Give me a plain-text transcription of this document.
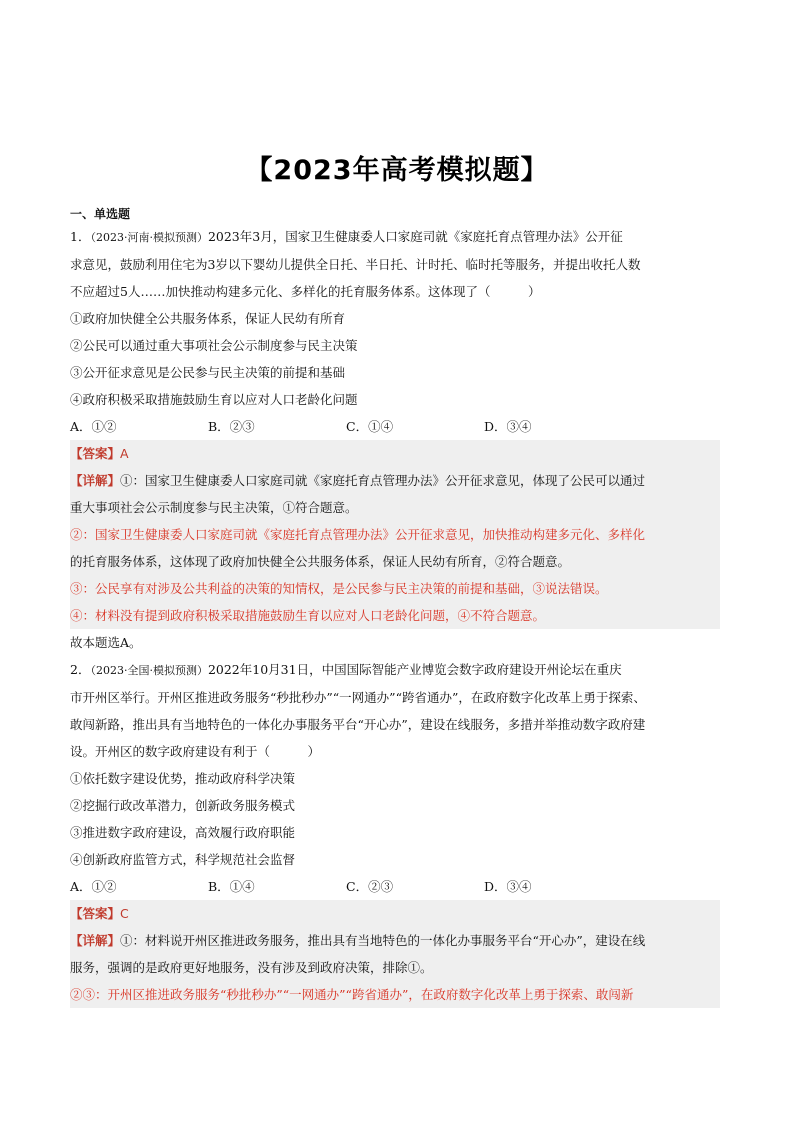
【2023年高考模拟题】
一、单选题
1．（2023·河南·模拟预测）2023年3月，国家卫生健康委人口家庭司就《家庭托育点管理办法》公开征
求意见，鼓励利用住宅为3岁以下婴幼儿提供全日托、半日托、计时托、临时托等服务，并提出收托人数
不应超过5人……加快推动构建多元化、多样化的托育服务体系。这体现了（　　　）
①政府加快健全公共服务体系，保证人民幼有所育
②公民可以通过重大事项社会公示制度参与民主决策
③公开征求意见是公民参与民主决策的前提和基础
④政府积极采取措施鼓励生育以应对人口老龄化问题
A．①②	B．②③	C．①④	D．③④
【答案】A
【详解】①：国家卫生健康委人口家庭司就《家庭托育点管理办法》公开征求意见，体现了公民可以通过
重大事项社会公示制度参与民主决策，①符合题意。
②：国家卫生健康委人口家庭司就《家庭托育点管理办法》公开征求意见，加快推动构建多元化、多样化
的托育服务体系，这体现了政府加快健全公共服务体系，保证人民幼有所育，②符合题意。
③：公民享有对涉及公共利益的决策的知情权，是公民参与民主决策的前提和基础，③说法错误。
④：材料没有提到政府积极采取措施鼓励生育以应对人口老龄化问题，④不符合题意。
故本题选A。
2．（2023·全国·模拟预测）2022年10月31日，中国国际智能产业博览会数字政府建设开州论坛在重庆
市开州区举行。开州区推进政务服务“秒批秒办”“一网通办”“跨省通办”，在政府数字化改革上勇于探索、
敢闯新路，推出具有当地特色的一体化办事服务平台“开心办”，建设在线服务，多措并举推动数字政府建
设。开州区的数字政府建设有利于（　　　）
①依托数字建设优势，推动政府科学决策
②挖掘行政改革潜力，创新政务服务模式
③推进数字政府建设，高效履行政府职能
④创新政府监管方式，科学规范社会监督
A．①②	B．①④	C．②③	D．③④
【答案】C
【详解】①：材料说开州区推进政务服务，推出具有当地特色的一体化办事服务平台“开心办”，建设在线
服务，强调的是政府更好地服务，没有涉及到政府决策，排除①。
②③：开州区推进政务服务“秒批秒办”“一网通办”“跨省通办”，在政府数字化改革上勇于探索、敢闯新
